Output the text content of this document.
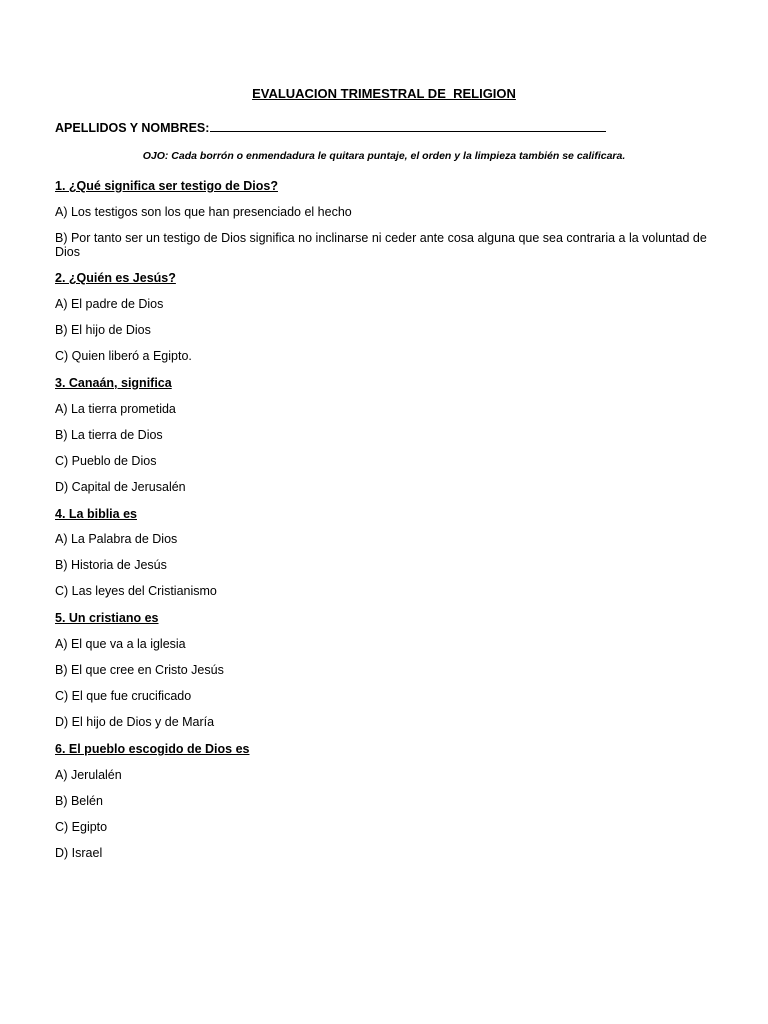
EVALUACION TRIMESTRAL DE  RELIGION
APELLIDOS Y NOMBRES:
OJO: Cada borrón o enmendadura le quitara puntaje, el orden y la limpieza también se calificara.
1. ¿Qué significa ser testigo de Dios?
A) Los testigos son los que han presenciado el hecho
B) Por tanto ser un testigo de Dios significa no inclinarse ni ceder ante cosa alguna que sea contraria a la voluntad de Dios
2. ¿Quién es Jesús?
A) El padre de Dios
B) El hijo de Dios
C) Quien liberó a Egipto.
3. Canaán, significa
A) La tierra prometida
B) La tierra de Dios
C) Pueblo de Dios
D) Capital de Jerusalén
4. La biblia es
A) La Palabra de Dios
B) Historia de Jesús
C) Las leyes del Cristianismo
5. Un cristiano es
A) El que va a la iglesia
B) El que cree en Cristo Jesús
C) El que fue crucificado
D) El hijo de Dios y de María
6. El pueblo escogido de Dios es
A) Jerulalén
B) Belén
C) Egipto
D) Israel
